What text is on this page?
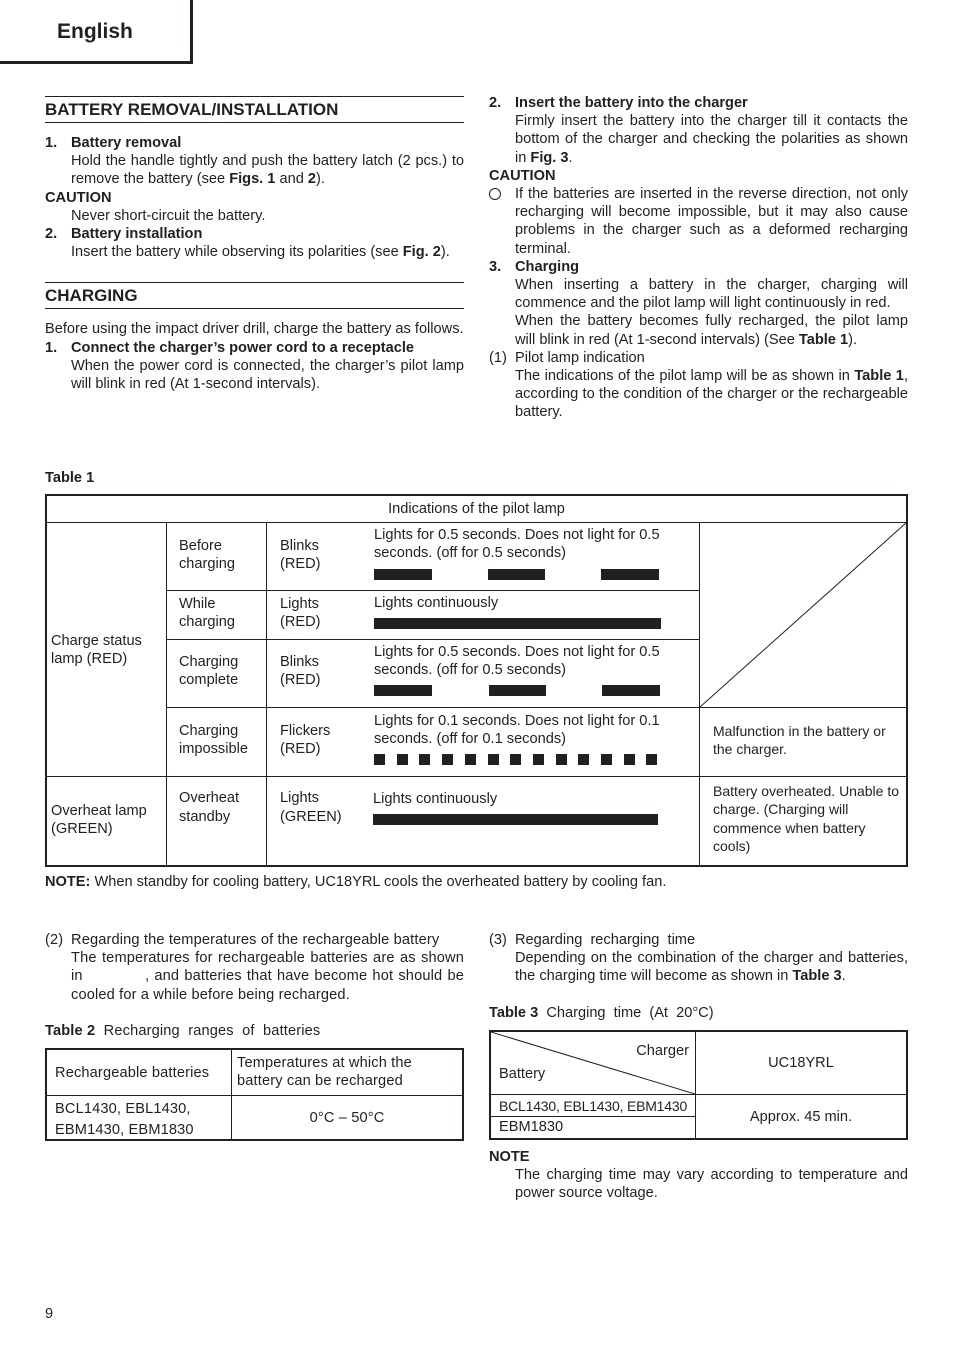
English
BATTERY REMOVAL/INSTALLATION
1. Battery removal
Hold the handle tightly and push the battery latch (2 pcs.) to remove the battery (see Figs. 1 and 2).
CAUTION
Never short-circuit the battery.
2. Battery installation
Insert the battery while observing its polarities (see Fig. 2).
CHARGING
Before using the impact driver drill, charge the battery as follows.
1. Connect the charger’s power cord to a receptacle
When the power cord is connected, the charger’s pilot lamp will blink in red (At 1-second intervals).
2. Insert the battery into the charger
Firmly insert the battery into the charger till it contacts the bottom of the charger and checking the polarities as shown in Fig. 3.
CAUTION
If the batteries are inserted in the reverse direction, not only recharging will become impossible, but it may also cause problems in the charger such as a deformed recharging terminal.
3. Charging
When inserting a battery in the charger, charging will commence and the pilot lamp will light continuously in red.
When the battery becomes fully recharged, the pilot lamp will blink in red (At 1-second intervals) (See Table 1).
(1) Pilot lamp indication
The indications of the pilot lamp will be as shown in Table 1, according to the condition of the charger or the rechargeable battery.
Table 1
Indications of the pilot lamp
Charge status lamp (RED)
Overheat lamp (GREEN)
Before charging
Blinks (RED)
Lights for 0.5 seconds. Does not light for 0.5 seconds. (off for 0.5 seconds)
While charging
Lights (RED)
Lights continuously
Charging complete
Blinks (RED)
Lights for 0.5 seconds. Does not light for 0.5 seconds. (off for 0.5 seconds)
Charging impossible
Flickers (RED)
Lights for 0.1 seconds. Does not light for 0.1 seconds. (off for 0.1 seconds)	Malfunction in the battery or the charger.
Overheat standby
Lights (GREEN)
Lights continuously	Battery overheated. Unable to charge. (Charging will commence when battery cools)
NOTE: When standby for cooling battery, UC18YRL cools the overheated battery by cooling fan.
(2) Regarding the temperatures of the rechargeable battery
The temperatures for rechargeable batteries are as shown in            , and batteries that have become hot should be cooled for a while before being recharged.
Table 2  Recharging  ranges  of  batteries
Rechargeable batteries
Temperatures at which the battery can be recharged
BCL1430, EBL1430,
EBM1430, EBM1830
0°C – 50°C
(3) Regarding  recharging  time
Depending on the combination of the charger and batteries, the charging time will become as shown in Table 3.
Table 3  Charging  time  (At  20°C)
Charger
Battery
UC18YRL
BCL1430, EBL1430, EBM1430
EBM1830
Approx. 45 min.
NOTE
The charging time may vary according to temperature and power source voltage.
9
